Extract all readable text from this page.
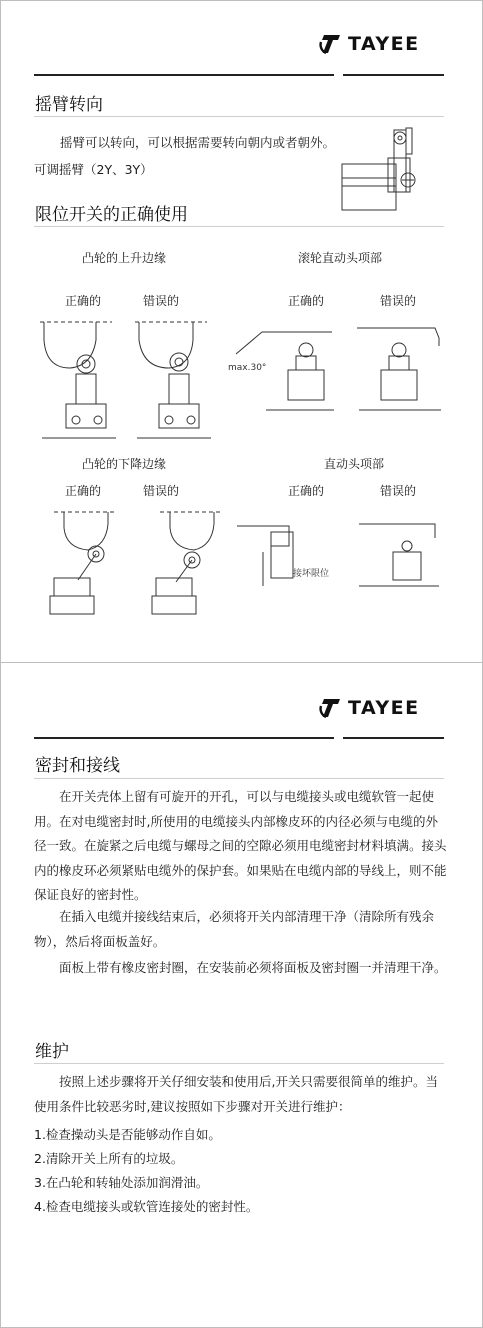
TAYEE
摇臂转向
摇臂可以转向，可以根据需要转向朝内或者朝外。
可调摇臂（2Y、3Y）
限位开关的正确使用
凸轮的上升边缘	滚轮直动头项部
正确的	错误的	正确的	错误的
max.30°
凸轮的下降边缘	直动头项部
正确的	错误的	正确的	错误的
接坏限位
TAYEE
密封和接线
在开关壳体上留有可旋开的开孔，可以与电缆接头或电缆软管一起使用。在对电缆密封时,所使用的电缆接头内部橡皮环的内径必须与电缆的外径一致。在旋紧之后电缆与螺母之间的空隙必须用电缆密封材料填满。接头内的橡皮环必须紧贴电缆外的保护套。如果贴在电缆内部的导线上，则不能保证良好的密封性。
在插入电缆并接线结束后，必须将开关内部清理干净（清除所有残余物），然后将面板盖好。
面板上带有橡皮密封圈，在安装前必须将面板及密封圈一并清理干净。
维护
按照上述步骤将开关仔细安装和使用后,开关只需要很简单的维护。当使用条件比较恶劣时,建议按照如下步骤对开关进行维护：
1.检查操动头是否能够动作自如。
2.清除开关上所有的垃圾。
3.在凸轮和转轴处添加润滑油。
4.检查电缆接头或软管连接处的密封性。
